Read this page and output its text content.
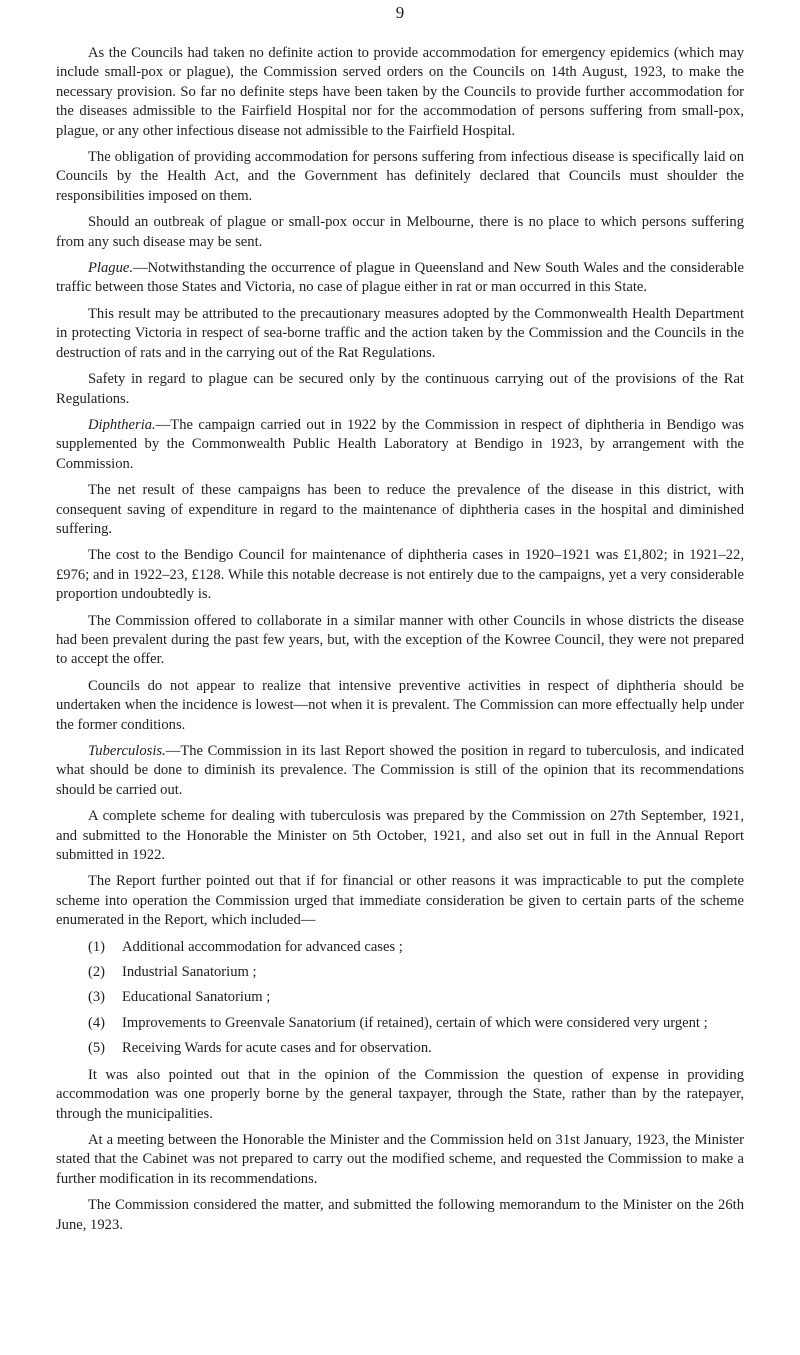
9

As the Councils had taken no definite action to provide accommodation for emergency epidemics (which may include small-pox or plague), the Commission served orders on the Councils on 14th August, 1923, to make the necessary provision. So far no definite steps have been taken by the Councils to provide further accommodation for the diseases admissible to the Fairfield Hospital nor for the accommodation of persons suffering from small-pox, plague, or any other infectious disease not admissible to the Fairfield Hospital.

The obligation of providing accommodation for persons suffering from infectious disease is specifically laid on Councils by the Health Act, and the Government has definitely declared that Councils must shoulder the responsibilities imposed on them.

Should an outbreak of plague or small-pox occur in Melbourne, there is no place to which persons suffering from any such disease may be sent.

Plague.—Notwithstanding the occurrence of plague in Queensland and New South Wales and the considerable traffic between those States and Victoria, no case of plague either in rat or man occurred in this State.

This result may be attributed to the precautionary measures adopted by the Commonwealth Health Department in protecting Victoria in respect of sea-borne traffic and the action taken by the Commission and the Councils in the destruction of rats and in the carrying out of the Rat Regulations.

Safety in regard to plague can be secured only by the continuous carrying out of the provisions of the Rat Regulations.

Diphtheria.—The campaign carried out in 1922 by the Commission in respect of diphtheria in Bendigo was supplemented by the Commonwealth Public Health Laboratory at Bendigo in 1923, by arrangement with the Commission.

The net result of these campaigns has been to reduce the prevalence of the disease in this district, with consequent saving of expenditure in regard to the maintenance of diphtheria cases in the hospital and diminished suffering.

The cost to the Bendigo Council for maintenance of diphtheria cases in 1920–1921 was £1,802; in 1921–22, £976; and in 1922–23, £128. While this notable decrease is not entirely due to the campaigns, yet a very considerable proportion undoubtedly is.

The Commission offered to collaborate in a similar manner with other Councils in whose districts the disease had been prevalent during the past few years, but, with the exception of the Kowree Council, they were not prepared to accept the offer.

Councils do not appear to realize that intensive preventive activities in respect of diphtheria should be undertaken when the incidence is lowest—not when it is prevalent. The Commission can more effectually help under the former conditions.

Tuberculosis.—The Commission in its last Report showed the position in regard to tuberculosis, and indicated what should be done to diminish its prevalence. The Commission is still of the opinion that its recommendations should be carried out.

A complete scheme for dealing with tuberculosis was prepared by the Commission on 27th September, 1921, and submitted to the Honorable the Minister on 5th October, 1921, and also set out in full in the Annual Report submitted in 1922.

The Report further pointed out that if for financial or other reasons it was impracticable to put the complete scheme into operation the Commission urged that immediate consideration be given to certain parts of the scheme enumerated in the Report, which included—

(1)	Additional accommodation for advanced cases ;
(2)	Industrial Sanatorium ;
(3)	Educational Sanatorium ;
(4)	Improvements to Greenvale Sanatorium (if retained), certain of which were considered very urgent ;
(5)	Receiving Wards for acute cases and for observation.

It was also pointed out that in the opinion of the Commission the question of expense in providing accommodation was one properly borne by the general taxpayer, through the State, rather than by the ratepayer, through the municipalities.

At a meeting between the Honorable the Minister and the Commission held on 31st January, 1923, the Minister stated that the Cabinet was not prepared to carry out the modified scheme, and requested the Commission to make a further modification in its recommendations.

The Commission considered the matter, and submitted the following memorandum to the Minister on the 26th June, 1923.
